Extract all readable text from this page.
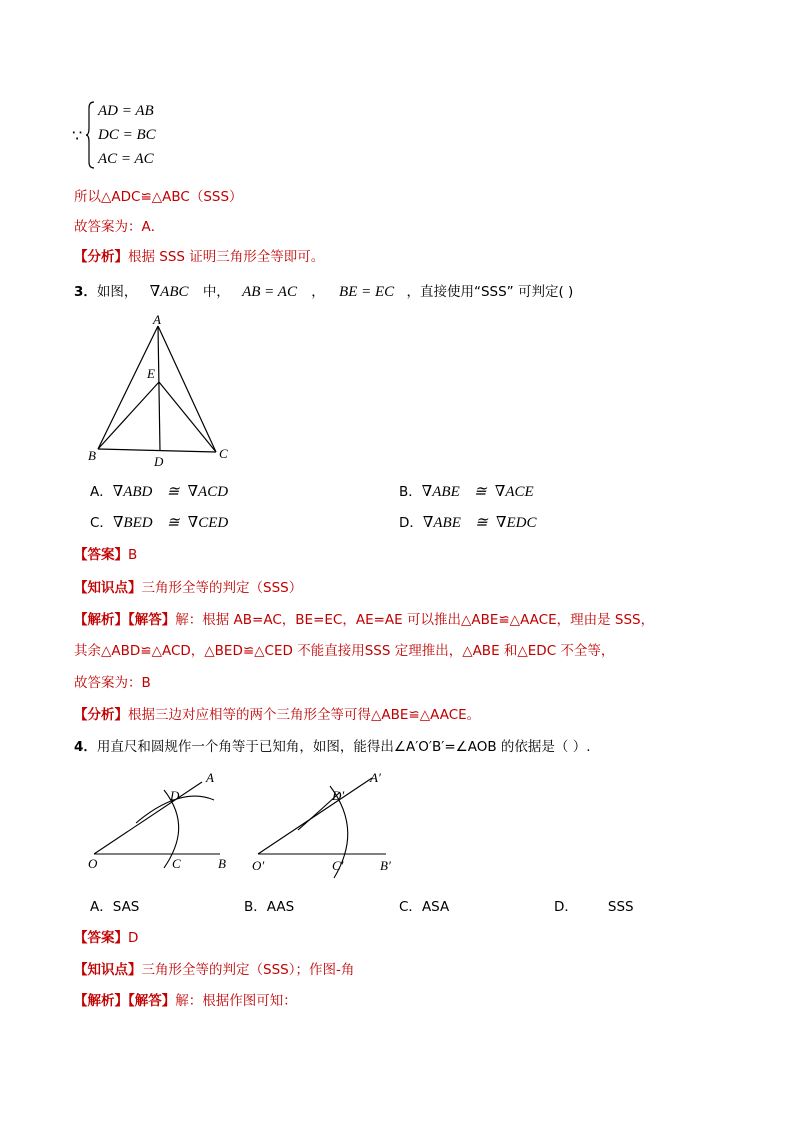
∵
AD = AB
DC = BC
AC = AC
所以△ADC≌△ABC（SSS）
故答案为：A．
【分析】根据 SSS 证明三角形全等即可。
3．如图， ∇ABC 中， AB = AC ， BE = EC ，直接使用“SSS” 可判定( )
A
E
B	D
C
A．∇ABD ≅ ∇ACD	B．∇ABE ≅ ∇ACE
C．∇BED ≅ ∇CED	D．∇ABE ≅ ∇EDC
【答案】B
【知识点】三角形全等的判定（SSS）
【解析】【解答】解：根据 AB=AC，BE=EC，AE=AE 可以推出△ABE≌△AACE，理由是 SSS，
其余△ABD≌△ACD，△BED≌△CED 不能直接用SSS 定理推出，△ABE 和△EDC 不全等，
故答案为：B
【分析】根据三边对应相等的两个三角形全等可得△ABE≌△AACE。
4．用直尺和圆规作一个角等于已知角，如图，能得出∠A′O′B′=∠AOB 的依据是（ ）.
D
A
O	C	B
D′
A′
O′	C′	B′
A．SAS	B．AAS	C．ASA	D． SSS
【答案】D
【知识点】三角形全等的判定（SSS）；作图-角
【解析】【解答】解：根据作图可知：
